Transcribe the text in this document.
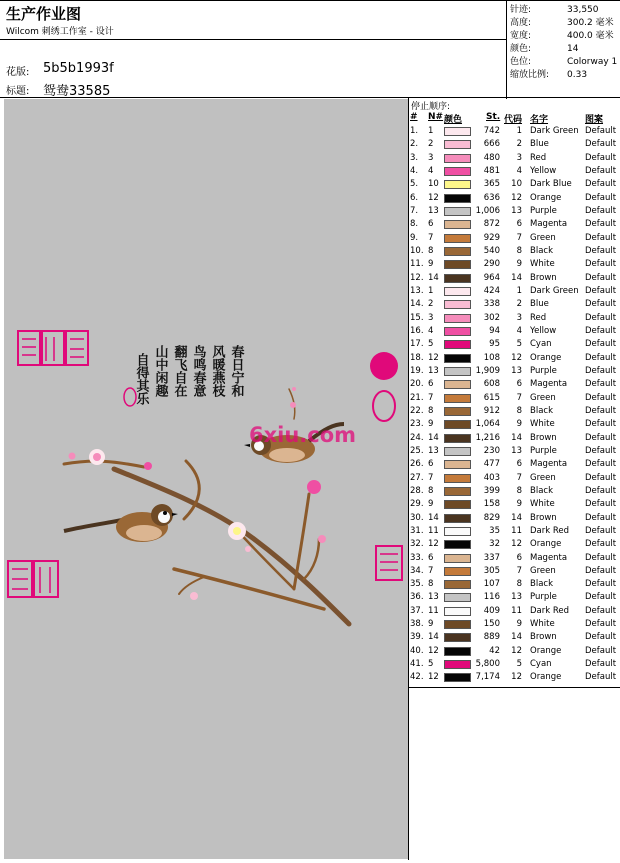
生产作业图
Wilcom 刺绣工作室 - 设计
花版: 5b5b1993f
标题: 鸳鸯33585
针迹:	33,550
高度:	300.2 毫米
宽度:	400.0 毫米
颜色:	14
色位:	Colorway 1
缩放比例: 0.33
春日宁和
风暖燕枝
鸟鸣春意
翻飞自在
山中闲趣
自得其乐
6xiu.com
停止顺序:
# N# 颜色	St. 代码 名字	图案
1. 1	742	1 Dark Green Default
2. 2	666	2 Blue	Default
3. 3	480	3 Red	Default
4. 4	481	4 Yellow	Default
5. 10	365	10 Dark Blue Default
6. 12	636	12 Orange	Default
7. 13	1,006	13 Purple	Default
8. 6	872	6 Magenta Default
9. 7	929	7 Green	Default
10. 8	540	8 Black	Default
11. 9	290	9 White	Default
12. 14	964	14 Brown	Default
13. 1	424	1 Dark Green Default
14. 2	338	2 Blue	Default
15. 3	302	3 Red	Default
16. 4	94	4 Yellow	Default
17. 5	95	5 Cyan	Default
18. 12	108	12 Orange	Default
19. 13	1,909	13 Purple	Default
20. 6	608	6 Magenta Default
21. 7	615	7 Green	Default
22. 8	912	8 Black	Default
23. 9	1,064	9 White	Default
24. 14	1,216	14 Brown	Default
25. 13	230	13 Purple	Default
26. 6	477	6 Magenta Default
27. 7	403	7 Green	Default
28. 8	399	8 Black	Default
29. 9	158	9 White	Default
30. 14	829	14 Brown	Default
31. 11	35	11 Dark Red Default
32. 12	32	12 Orange	Default
33. 6	337	6 Magenta Default
34. 7	305	7 Green	Default
35. 8	107	8 Black	Default
36. 13	116	13 Purple	Default
37. 11	409	11 Dark Red Default
38. 9	150	9 White	Default
39. 14	889	14 Brown	Default
40. 12	42	12 Orange	Default
41. 5	5,800	5 Cyan	Default
42. 12	7,174	12 Orange	Default
